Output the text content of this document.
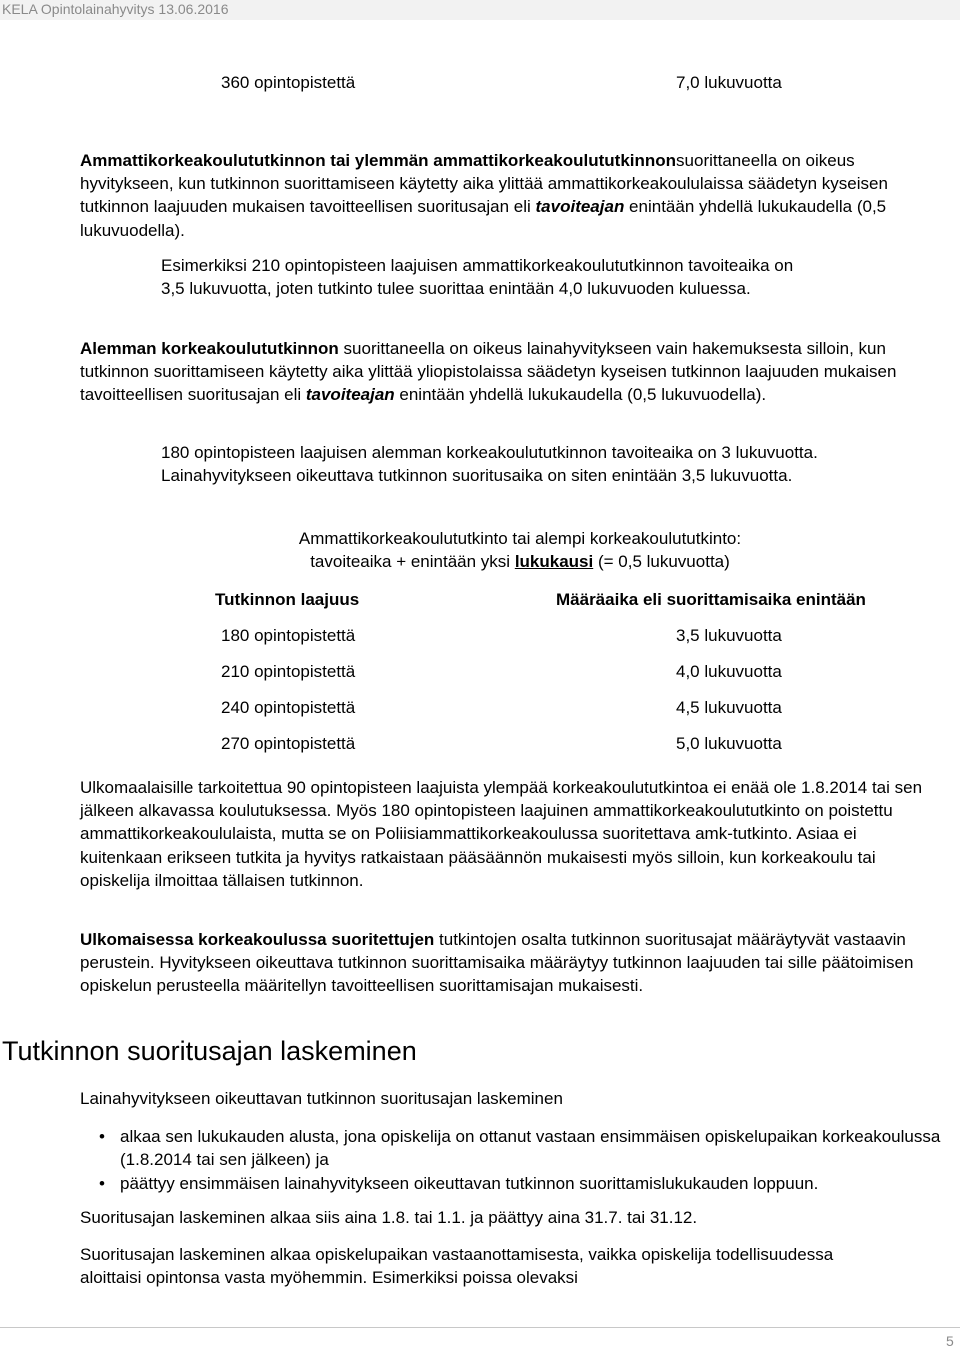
KELA Opintolainahyvitys 13.06.2016
360 opintopistettä	7,0 lukuvuotta
Ammattikorkeakoulututkinnon tai ylemmän ammattikorkeakoulututkinnonsuorittaneella on oikeus hyvitykseen, kun tutkinnon suorittamiseen käytetty aika ylittää ammattikorkeakoululaissa säädetyn kyseisen tutkinnon laajuuden mukaisen tavoitteellisen suoritusajan eli tavoiteajan enintään yhdellä lukukaudella (0,5 lukuvuodella).
Esimerkiksi 210 opintopisteen laajuisen ammattikorkeakoulututkinnon tavoiteaika on 3,5 lukuvuotta, joten tutkinto tulee suorittaa enintään 4,0 lukuvuoden kuluessa.
Alemman korkeakoulututkinnon suorittaneella on oikeus lainahyvitykseen vain hakemuksesta silloin, kun tutkinnon suorittamiseen käytetty aika ylittää yliopistolaissa säädetyn kyseisen tutkinnon laajuuden mukaisen tavoitteellisen suoritusajan eli tavoiteajan enintään yhdellä lukukaudella (0,5 lukuvuodella).
180 opintopisteen laajuisen alemman korkeakoulututkinnon tavoiteaika on 3 lukuvuotta. Lainahyvitykseen oikeuttava tutkinnon suoritusaika on siten enintään 3,5 lukuvuotta.
Ammattikorkeakoulututkinto tai alempi korkeakoulututkinto:
tavoiteaika + enintään yksi lukukausi (= 0,5 lukuvuotta)
Tutkinnon laajuus	Määräaika eli suorittamisaika enintään
180 opintopistettä	3,5 lukuvuotta
210 opintopistettä	4,0 lukuvuotta
240 opintopistettä	4,5 lukuvuotta
270 opintopistettä	5,0 lukuvuotta
Ulkomaalaisille tarkoitettua 90 opintopisteen laajuista ylempää korkeakoulututkintoa ei enää ole 1.8.2014 tai sen jälkeen alkavassa koulutuksessa. Myös 180 opintopisteen laajuinen ammattikorkeakoulututkinto on poistettu ammattikorkeakoululaista, mutta se on Poliisiammattikorkeakoulussa suoritettava amk-tutkinto. Asiaa ei kuitenkaan erikseen tutkita ja hyvitys ratkaistaan pääsäännön mukaisesti myös silloin, kun korkeakoulu tai opiskelija ilmoittaa tällaisen tutkinnon.
Ulkomaisessa korkeakoulussa suoritettujen tutkintojen osalta tutkinnon suoritusajat määräytyvät vastaavin perustein. Hyvitykseen oikeuttava tutkinnon suorittamisaika määräytyy tutkinnon laajuuden tai sille päätoimisen opiskelun perusteella määritellyn tavoitteellisen suorittamisajan mukaisesti.
Tutkinnon suoritusajan laskeminen
Lainahyvitykseen oikeuttavan tutkinnon suoritusajan laskeminen
• alkaa sen lukukauden alusta, jona opiskelija on ottanut vastaan ensimmäisen opiskelupaikan korkeakoulussa (1.8.2014 tai sen jälkeen) ja
• päättyy ensimmäisen lainahyvitykseen oikeuttavan tutkinnon suorittamislukukauden loppuun.
Suoritusajan laskeminen alkaa siis aina 1.8. tai 1.1. ja päättyy aina 31.7. tai 31.12.
Suoritusajan laskeminen alkaa opiskelupaikan vastaanottamisesta, vaikka opiskelija todellisuudessa aloittaisi opintonsa vasta myöhemmin. Esimerkiksi poissa olevaksi
5
